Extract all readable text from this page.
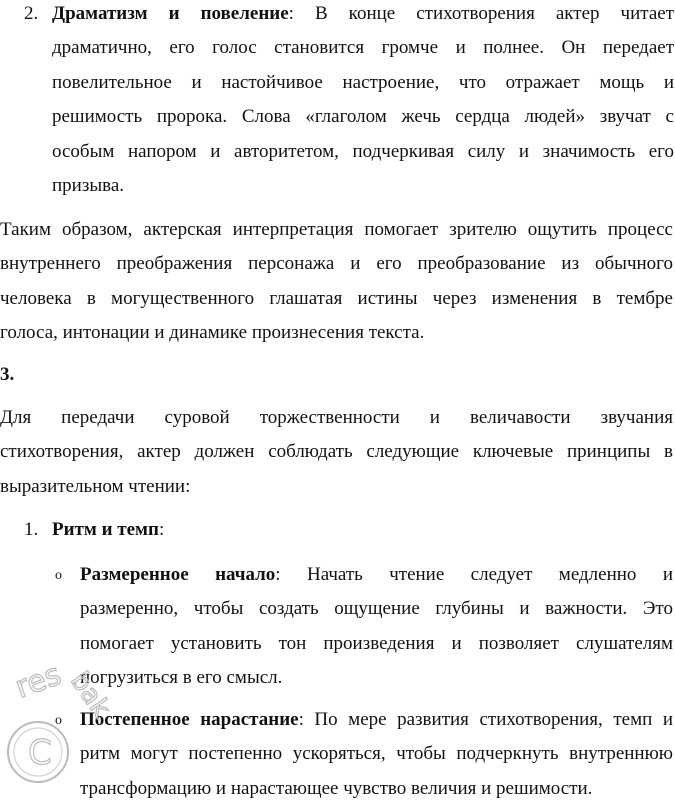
2. Драматизм и повеление: В конце стихотворения актер читает
драматично, его голос становится громче и полнее. Он передает
повелительное и настойчивое настроение, что отражает мощь и
решимость пророка. Слова «глаголом жечь сердца людей» звучат с
особым напором и авторитетом, подчеркивая силу и значимость его
призыва.
Таким образом, актерская интерпретация помогает зрителю ощутить процесс
внутреннего преображения персонажа и его преобразование из обычного
человека в могущественного глашатая истины через изменения в тембре
голоса, интонации и динамике произнесения текста.
3.
Для передачи суровой торжественности и величавости звучания
стихотворения, актер должен соблюдать следующие ключевые принципы в
выразительном чтении:
1. Ритм и темп:
o Размеренное начало: Начать чтение следует медленно и
размеренно, чтобы создать ощущение глубины и важности. Это
помогает установить тон произведения и позволяет слушателям
погрузиться в его смысл.
o Постепенное нарастание: По мере развития стихотворения, темп и
ритм могут постепенно ускоряться, чтобы подчеркнуть внутреннюю
трансформацию и нарастающее чувство величия и решимости.
C
res
bak
